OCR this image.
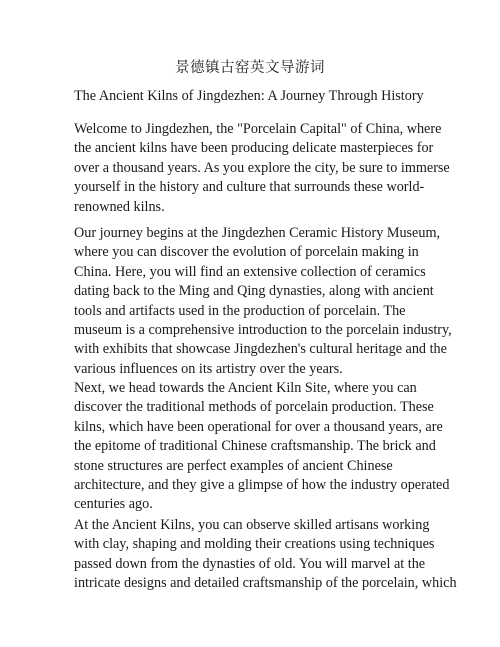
景德镇古窑英文导游词
The Ancient Kilns of Jingdezhen: A Journey Through History

Welcome to Jingdezhen, the "Porcelain Capital" of China, where
the ancient kilns have been producing delicate masterpieces for
over a thousand years. As you explore the city, be sure to immerse
yourself in the history and culture that surrounds these world-
renowned kilns.

Our journey begins at the Jingdezhen Ceramic History Museum,
where you can discover the evolution of porcelain making in
China. Here, you will find an extensive collection of ceramics
dating back to the Ming and Qing dynasties, along with ancient
tools and artifacts used in the production of porcelain. The
museum is a comprehensive introduction to the porcelain industry,
with exhibits that showcase Jingdezhen's cultural heritage and the
various influences on its artistry over the years.

Next, we head towards the Ancient Kiln Site, where you can
discover the traditional methods of porcelain production. These
kilns, which have been operational for over a thousand years, are
the epitome of traditional Chinese craftsmanship. The brick and
stone structures are perfect examples of ancient Chinese
architecture, and they give a glimpse of how the industry operated
centuries ago.

At the Ancient Kilns, you can observe skilled artisans working
with clay, shaping and molding their creations using techniques
passed down from the dynasties of old. You will marvel at the
intricate designs and detailed craftsmanship of the porcelain, which
